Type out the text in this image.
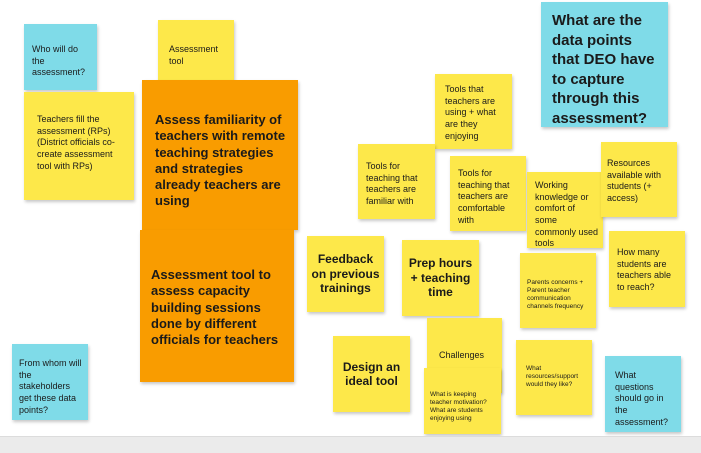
Who will do the assessment?
Assessment tool
Teachers fill the assessment (RPs) (District officials co-create assessment tool with RPs)
Assess familiarity of teachers with remote teaching strategies and strategies already teachers are using
Assessment tool to assess capacity building sessions done by different officials for teachers
From whom will the stakeholders get these data points?
What are the data points that DEO have to capture through this assessment?
Tools that teachers are using + what are they enjoying
Tools for teaching that teachers are familiar with
Tools for teaching that teachers are comfortable with
Working knowledge or comfort of some commonly used tools
Resources available with students (+ access)
How many students are teachers able to reach?
Feedback on previous trainings
Prep hours + teaching time
Parents concerns + Parent teacher communication channels frequency
Design an ideal tool
Challenges
What is keeping teacher motivation? What are students enjoying using
What resources/support would they like?
What questions should go in the assessment?
